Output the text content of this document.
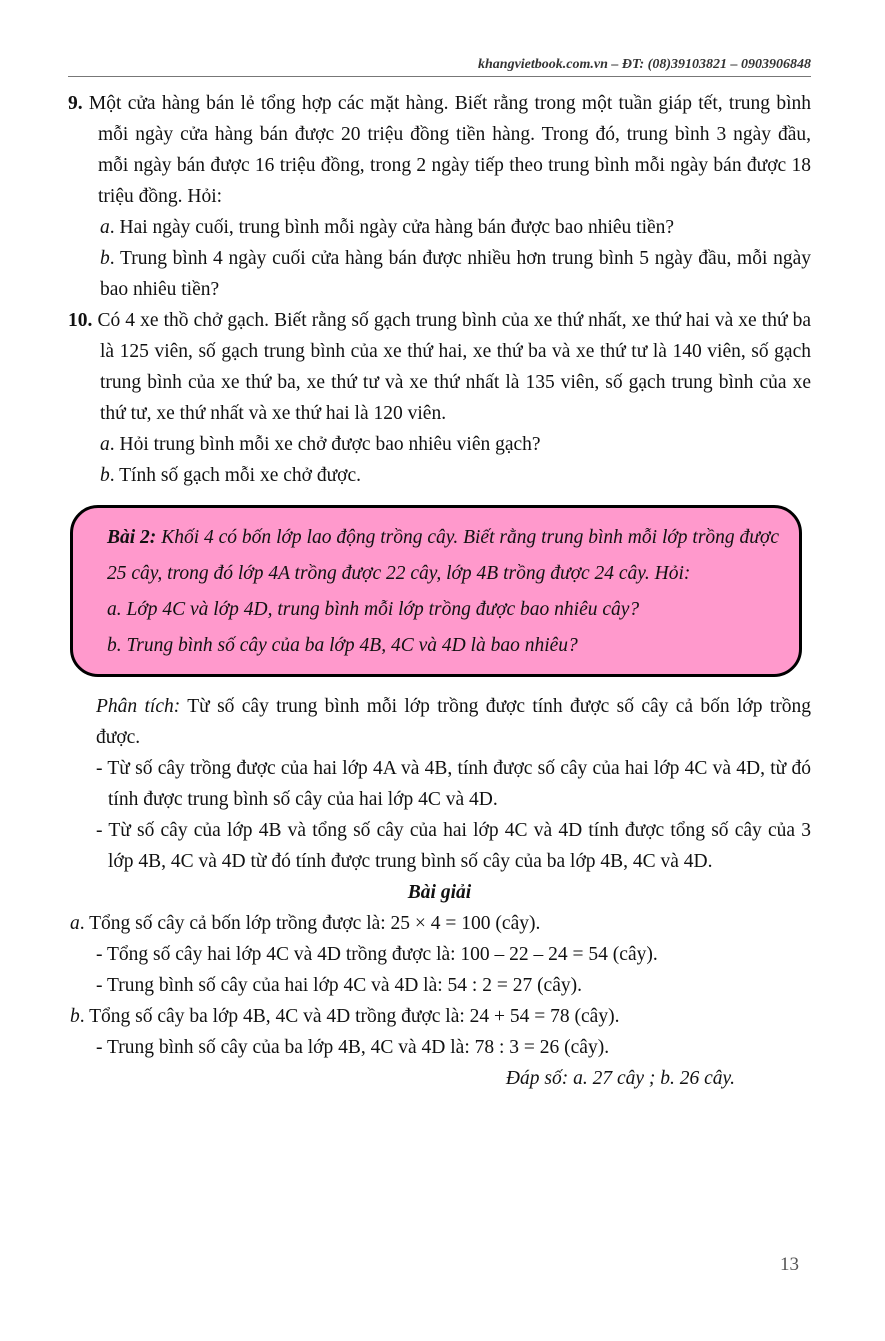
khangvietbook.com.vn – ĐT: (08)39103821 – 0903906848

9. Một cửa hàng bán lẻ tổng hợp các mặt hàng. Biết rằng trong một tuần giáp tết, trung bình mỗi ngày cửa hàng bán được 20 triệu đồng tiền hàng. Trong đó, trung bình 3 ngày đầu, mỗi ngày bán được 16 triệu đồng, trong 2 ngày tiếp theo trung bình mỗi ngày bán được 18 triệu đồng. Hỏi:

a. Hai ngày cuối, trung bình mỗi ngày cửa hàng bán được bao nhiêu tiền?

b. Trung bình 4 ngày cuối cửa hàng bán được nhiều hơn trung bình 5 ngày đầu, mỗi ngày bao nhiêu tiền?

10. Có 4 xe thồ chở gạch. Biết rằng số gạch trung bình của xe thứ nhất, xe thứ hai và xe thứ ba là 125 viên, số gạch trung bình của xe thứ hai, xe thứ ba và xe thứ tư là 140 viên, số gạch trung bình của xe thứ ba, xe thứ tư và xe thứ nhất là 135 viên, số gạch trung bình của xe thứ tư, xe thứ nhất và xe thứ hai là 120 viên.

a. Hỏi trung bình mỗi xe chở được bao nhiêu viên gạch?

b. Tính số gạch mỗi xe chở được.

Bài 2: Khối 4 có bốn lớp lao động trồng cây. Biết rằng trung bình mỗi lớp trồng được 25 cây, trong đó lớp 4A trồng được 22 cây, lớp 4B trồng được 24 cây. Hỏi:

a. Lớp 4C và lớp 4D, trung bình mỗi lớp trồng được bao nhiêu cây?

b. Trung bình số cây của ba lớp 4B, 4C và 4D là bao nhiêu?

Phân tích: Từ số cây trung bình mỗi lớp trồng được tính được số cây cả bốn lớp trồng được.

- Từ số cây trồng được của hai lớp 4A và 4B, tính được số cây của hai lớp 4C và 4D, từ đó tính được trung bình số cây của hai lớp 4C và 4D.

- Từ số cây của lớp 4B và tổng số cây của hai lớp 4C và 4D tính được tổng số cây của 3 lớp 4B, 4C và 4D từ đó tính được trung bình số cây của ba lớp 4B, 4C và 4D.

Bài giải

a. Tổng số cây cả bốn lớp trồng được là: 25 × 4 = 100 (cây).

- Tổng số cây hai lớp 4C và 4D trồng được là: 100 – 22 – 24 = 54 (cây).

- Trung bình số cây của hai lớp 4C và 4D là: 54 : 2 = 27 (cây).

b. Tổng số cây ba lớp 4B, 4C và 4D trồng được là: 24 + 54 = 78 (cây).

- Trung bình số cây của ba lớp 4B, 4C và 4D là: 78 : 3 = 26 (cây).

Đáp số: a. 27 cây ; b. 26 cây.

13
